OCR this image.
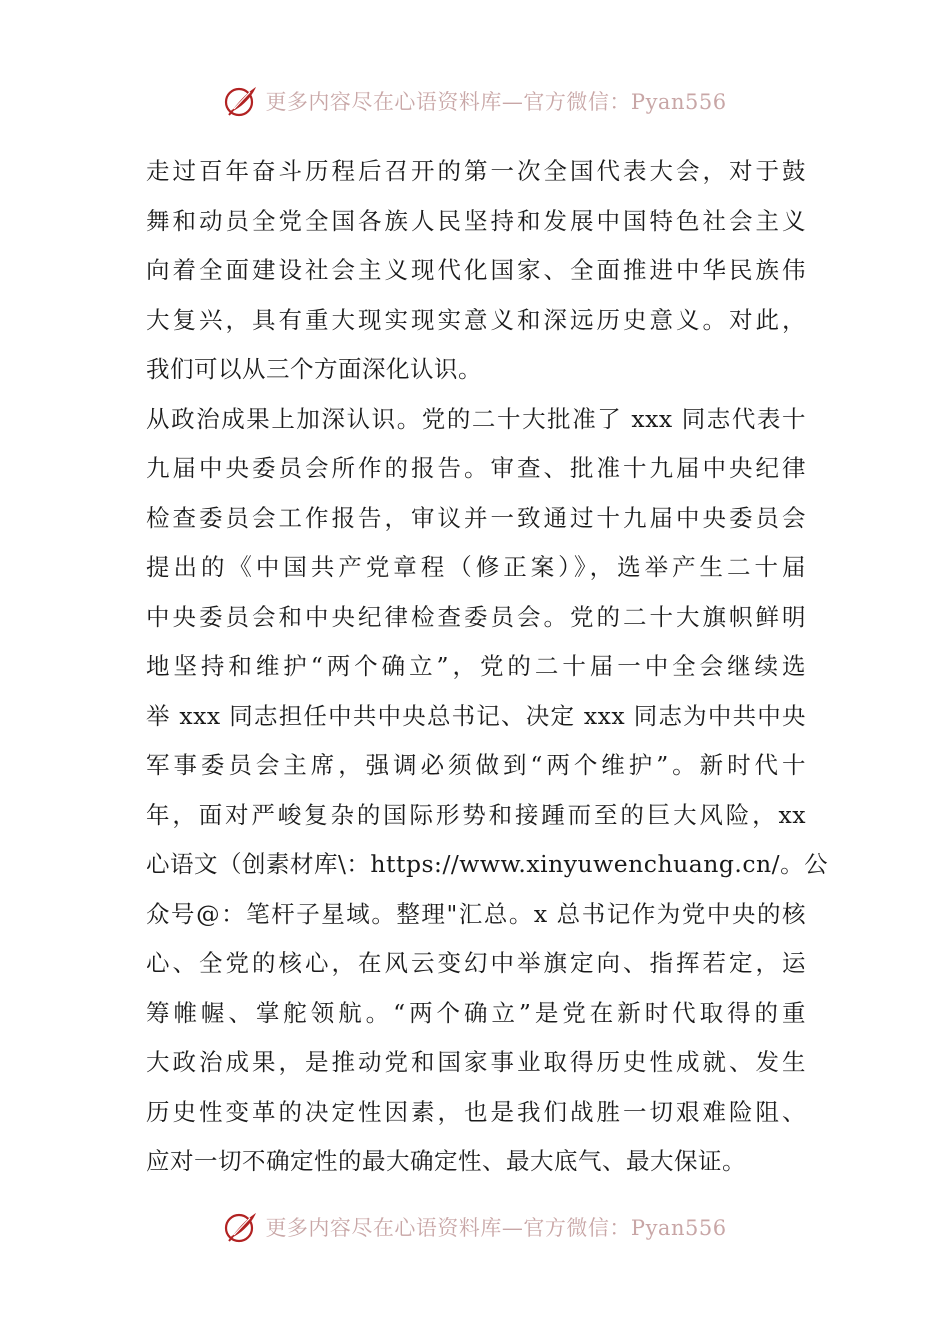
更多内容尽在心语资料库—官方微信：Pyan556
走过百年奋斗历程后召开的第一次全国代表大会，对于鼓
舞和动员全党全国各族人民坚持和发展中国特色社会主义
向着全面建设社会主义现代化国家、全面推进中华民族伟
大复兴，具有重大现实现实意义和深远历史意义。对此，
我们可以从三个方面深化认识。
从政治成果上加深认识。党的二十大批准了 xxx 同志代表十
九届中央委员会所作的报告。审查、批准十九届中央纪律
检查委员会工作报告，审议并一致通过十九届中央委员会
提出的《中国共产党章程（修正案）》，选举产生二十届
中央委员会和中央纪律检查委员会。党的二十大旗帜鲜明
地坚持和维护“两个确立”，党的二十届一中全会继续选
举 xxx 同志担任中共中央总书记、决定 xxx 同志为中共中央
军事委员会主席，强调必须做到“两个维护”。新时代十
年，面对严峻复杂的国际形势和接踵而至的巨大风险，xx
心语文（创素材库\：https://www.xinyuwenchuang.cn/。公
众号@：笔杆子星域。整理"汇总。x 总书记作为党中央的核
心、全党的核心，在风云变幻中举旗定向、指挥若定，运
筹帷幄、掌舵领航。“两个确立”是党在新时代取得的重
大政治成果，是推动党和国家事业取得历史性成就、发生
历史性变革的决定性因素，也是我们战胜一切艰难险阻、
应对一切不确定性的最大确定性、最大底气、最大保证。
更多内容尽在心语资料库—官方微信：Pyan556
